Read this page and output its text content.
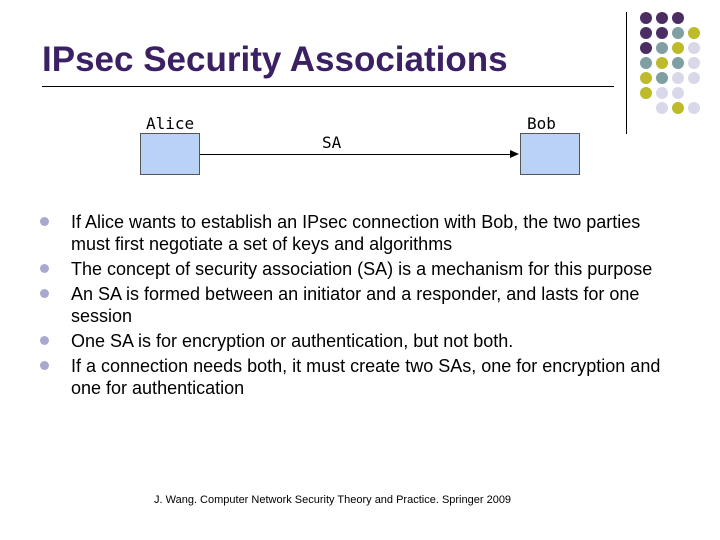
IPsec Security Associations
Alice
SA
Bob
If Alice wants to establish an IPsec connection with Bob, the two parties must first negotiate a set of keys and algorithms
The concept of security association (SA) is a mechanism for this purpose
An SA is formed between an initiator and a responder, and lasts for one session
One SA is for encryption or authentication, but not both.
If a connection needs both, it must create two SAs, one for encryption and one for authentication
J. Wang. Computer Network Security Theory and Practice. Springer 2009
